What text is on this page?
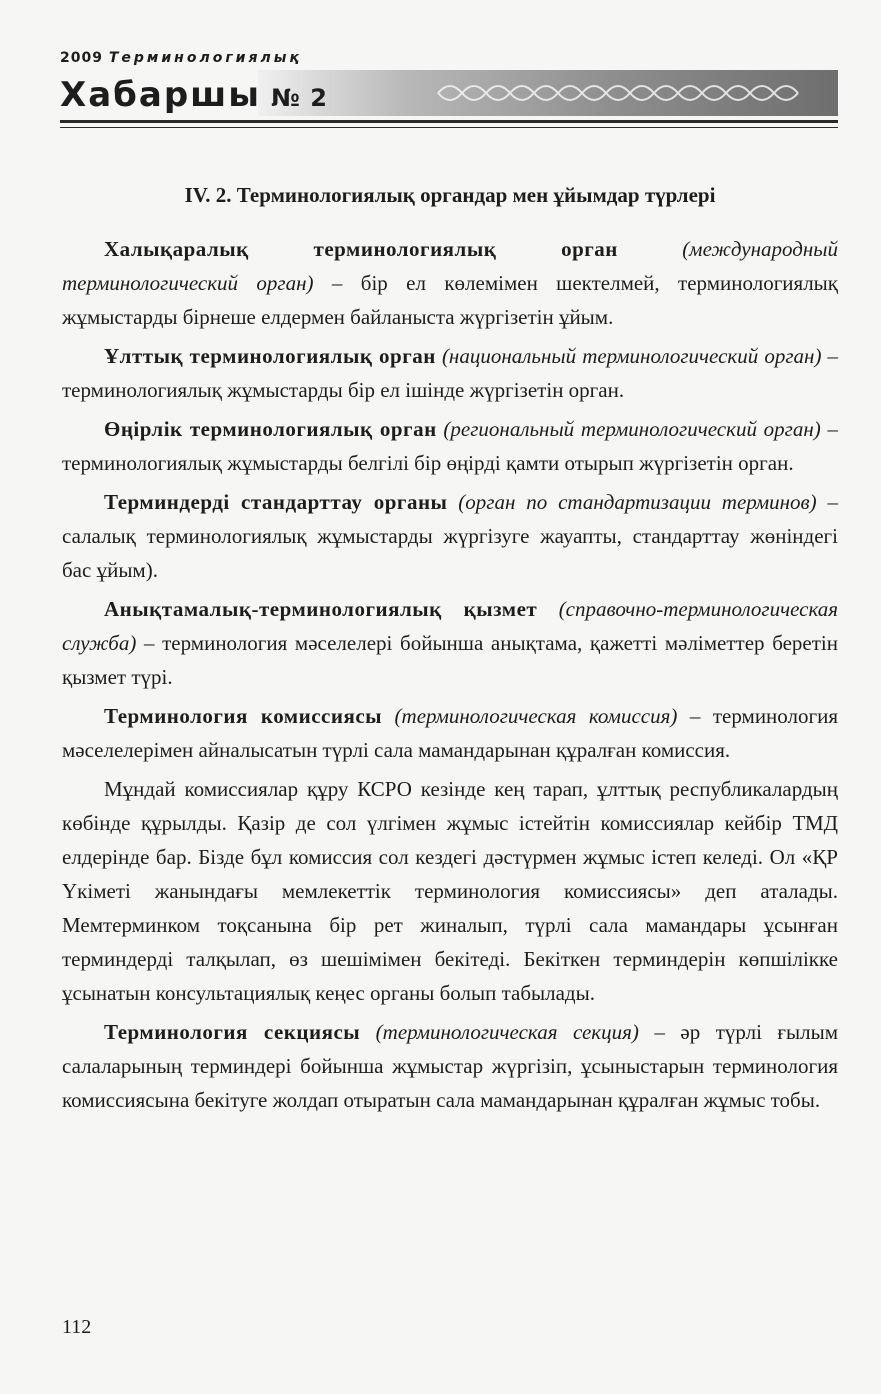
2009 Терминологиялық
Хабаршы № 2

IV. 2. Терминологиялық органдар мен ұйымдар түрлері

Халықаралық терминологиялық орган	(международный терминологический орган) – бір ел көлемімен шектелмей, терминологиялық жұмыстарды бірнеше елдермен байланыста жүргізетін ұйым.

Ұлттық терминологиялық орган (национальный терминологический орган) – терминологиялық жұмыстарды бір ел ішінде жүргізетін орган.

Өңірлік терминологиялық орган (региональный терминологический орган) – терминологиялық жұмыстарды белгілі бір өңірді қамти отырып жүргізетін орган.

Терминдерді стандарттау органы (орган по стандартизации терминов) – салалық терминологиялық жұмыстарды жүргізуге жауапты, стандарттау жөніндегі бас ұйым).

Анықтамалық-терминологиялық қызмет (справочно-терминологическая служба) – терминология мәселелері бойынша анықтама, қажетті мәліметтер беретін қызмет түрі.

Терминология комиссиясы (терминологическая комиссия) – терминология мәселелерімен айналысатын түрлі сала мамандарынан құралған комиссия.

Мұндай комиссиялар құру КСРО кезінде кең тарап, ұлттық республикалардың көбінде құрылды. Қазір де сол үлгімен жұмыс істейтін комиссиялар кейбір ТМД елдерінде бар. Бізде бұл комиссия сол кездегі дәстүрмен жұмыс істеп келеді. Ол «ҚР Үкіметі жанындағы мемлекеттік терминология комиссиясы» деп аталады. Мемтерминком тоқсанына бір рет жиналып, түрлі сала мамандары ұсынған терминдерді талқылап, өз шешімімен бекітеді. Бекіткен терминдерін көпшілікке ұсынатын консультациялық кеңес органы болып табылады.

Терминология секциясы (терминологическая секция) – әр түрлі ғылым салаларының терминдері бойынша жұмыстар жүргізіп, ұсыныстарын терминология комиссиясына бекітуге жолдап отыратын сала мамандарынан құралған жұмыс тобы.

112
